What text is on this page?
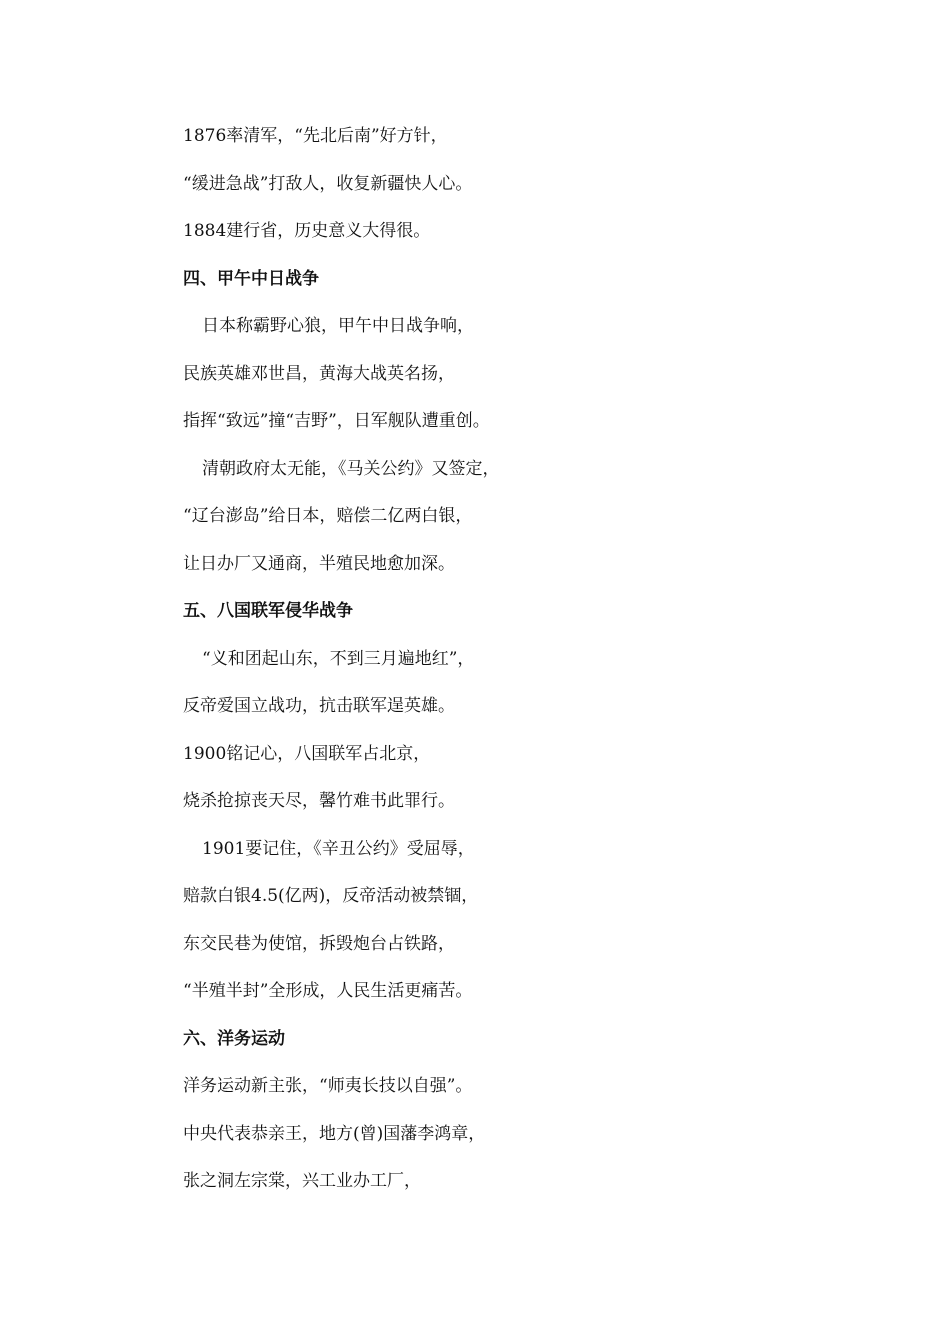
1876率清军，“先北后南”好方针，
“缓进急战”打敌人，收复新疆快人心。
1884建行省，历史意义大得很。
四、甲午中日战争
日本称霸野心狼，甲午中日战争响，
民族英雄邓世昌，黄海大战英名扬，
指挥“致远”撞“吉野”，日军舰队遭重创。
清朝政府太无能，《马关公约》又签定，
“辽台澎岛”给日本，赔偿二亿两白银，
让日办厂又通商，半殖民地愈加深。
五、八国联军侵华战争
“义和团起山东，不到三月遍地红”，
反帝爱国立战功，抗击联军逞英雄。
1900铭记心，八国联军占北京，
烧杀抢掠丧天尽，馨竹难书此罪行。
1901要记住，《辛丑公约》受屈辱，
赔款白银4.5(亿两)，反帝活动被禁锢，
东交民巷为使馆，拆毁炮台占铁路，
“半殖半封”全形成，人民生活更痛苦。
六、洋务运动
洋务运动新主张，“师夷长技以自强”。
中央代表恭亲王，地方(曾)国藩李鸿章，
张之洞左宗棠，兴工业办工厂，
